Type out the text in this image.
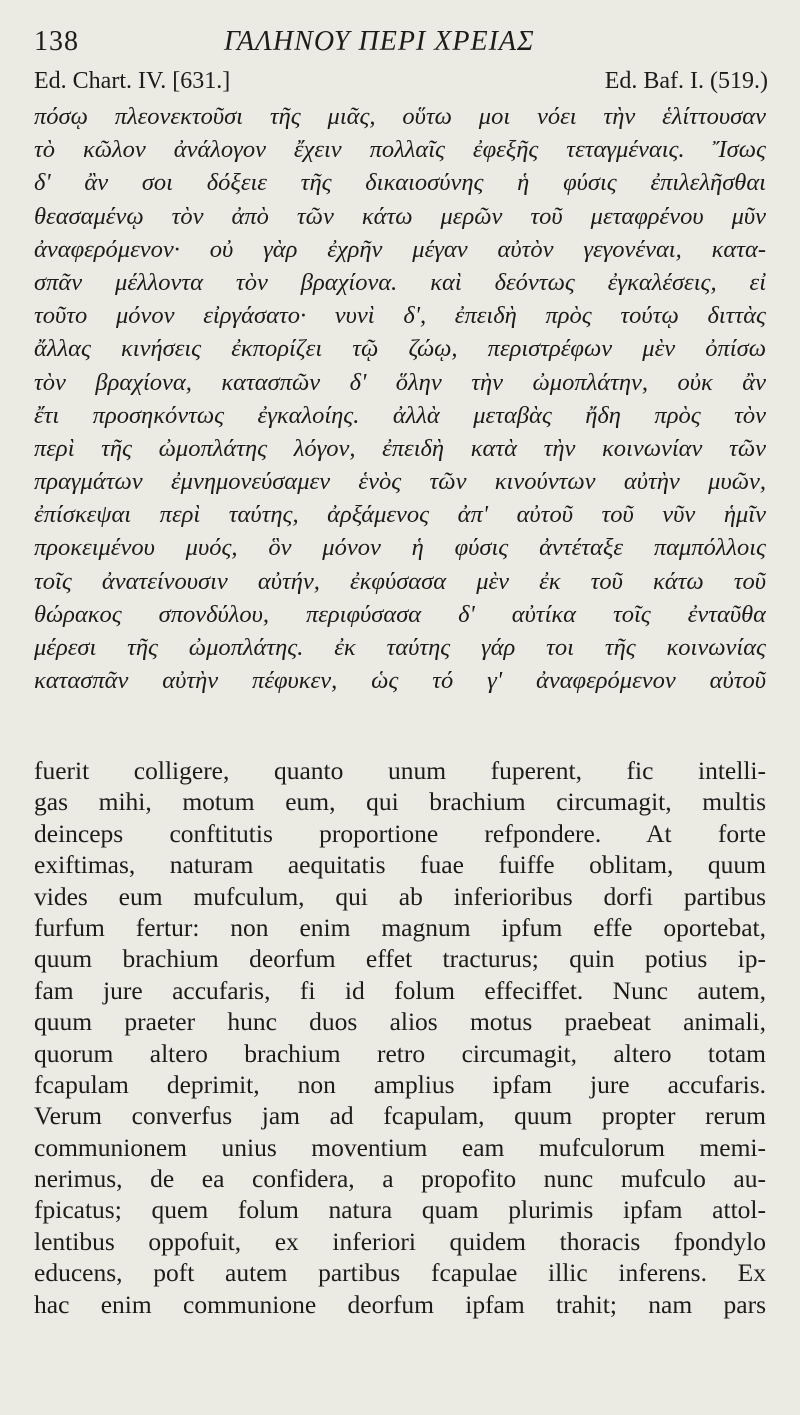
138	ΓΑΛΗΝΟΥ ΠΕΡΙ ΧΡΕΙΑΣ
Ed. Chart. IV. [631.]	Ed. Baf. I. (519.)
πόσῳ πλεονεκτοῦσι τῆς μιᾶς, οὕτω μοι νόει τὴν ἑλίττουσαν
τὸ κῶλον ἀνάλογον ἔχειν πολλαῖς ἐφεξῆς τεταγμέναις. Ἴσως
δ' ἂν σοι δόξειε τῆς δικαιοσύνης ἡ φύσις ἐπιλελῆσθαι
θεασαμένῳ τὸν ἀπὸ τῶν κάτω μερῶν τοῦ μεταφρένου μῦν
ἀναφερόμενον· οὐ γὰρ ἐχρῆν μέγαν αὐτὸν γεγονέναι, κατα-
σπᾶν μέλλοντα τὸν βραχίονα. καὶ δεόντως ἐγκαλέσεις, εἰ
τοῦτο μόνον εἰργάσατο· νυνὶ δ', ἐπειδὴ πρὸς τούτῳ διττὰς
ἄλλας κινήσεις ἐκπορίζει τῷ ζώῳ, περιστρέφων μὲν ὀπίσω
τὸν βραχίονα, κατασπῶν δ' ὅλην τὴν ὠμοπλάτην, οὐκ ἂν
ἔτι προσηκόντως ἐγκαλοίης. ἀλλὰ μεταβὰς ἤδη πρὸς τὸν
περὶ τῆς ὠμοπλάτης λόγον, ἐπειδὴ κατὰ τὴν κοινωνίαν τῶν
πραγμάτων ἐμνημονεύσαμεν ἑνὸς τῶν κινούντων αὐτὴν μυῶν,
ἐπίσκεψαι περὶ ταύτης, ἀρξάμενος ἀπ' αὐτοῦ τοῦ νῦν ἡμῖν
προκειμένου μυός, ὃν μόνον ἡ φύσις ἀντέταξε παμπόλλοις
τοῖς ἀνατείνουσιν αὐτήν, ἐκφύσασα μὲν ἐκ τοῦ κάτω τοῦ
θώρακος σπονδύλου, περιφύσασα δ' αὐτίκα τοῖς ἐνταῦθα
μέρεσι τῆς ὠμοπλάτης. ἐκ ταύτης γάρ τοι τῆς κοινωνίας
κατασπᾶν αὐτὴν πέφυκεν, ὡς τό γ' ἀναφερόμενον αὐτοῦ
fuerit colligere, quanto unum fuperent, fic intelli-
gas mihi, motum eum, qui brachium circumagit, multis
deinceps conftitutis proportione refpondere. At forte
exiftimas, naturam aequitatis fuae fuiffe oblitam, quum
vides eum mufculum, qui ab inferioribus dorfi partibus
furfum fertur: non enim magnum ipfum effe oportebat,
quum brachium deorfum effet tracturus; quin potius ip-
fam jure accufaris, fi id folum effeciffet. Nunc autem,
quum praeter hunc duos alios motus praebeat animali,
quorum altero brachium retro circumagit, altero totam
fcapulam deprimit, non amplius ipfam jure accufaris.
Verum converfus jam ad fcapulam, quum propter rerum
communionem unius moventium eam mufculorum memi-
nerimus, de ea confidera, a propofito nunc mufculo au-
fpicatus; quem folum natura quam plurimis ipfam attol-
lentibus oppofuit, ex inferiori quidem thoracis fpondylo
educens, poft autem partibus fcapulae illic inferens. Ex
hac enim communione deorfum ipfam trahit; nam pars
